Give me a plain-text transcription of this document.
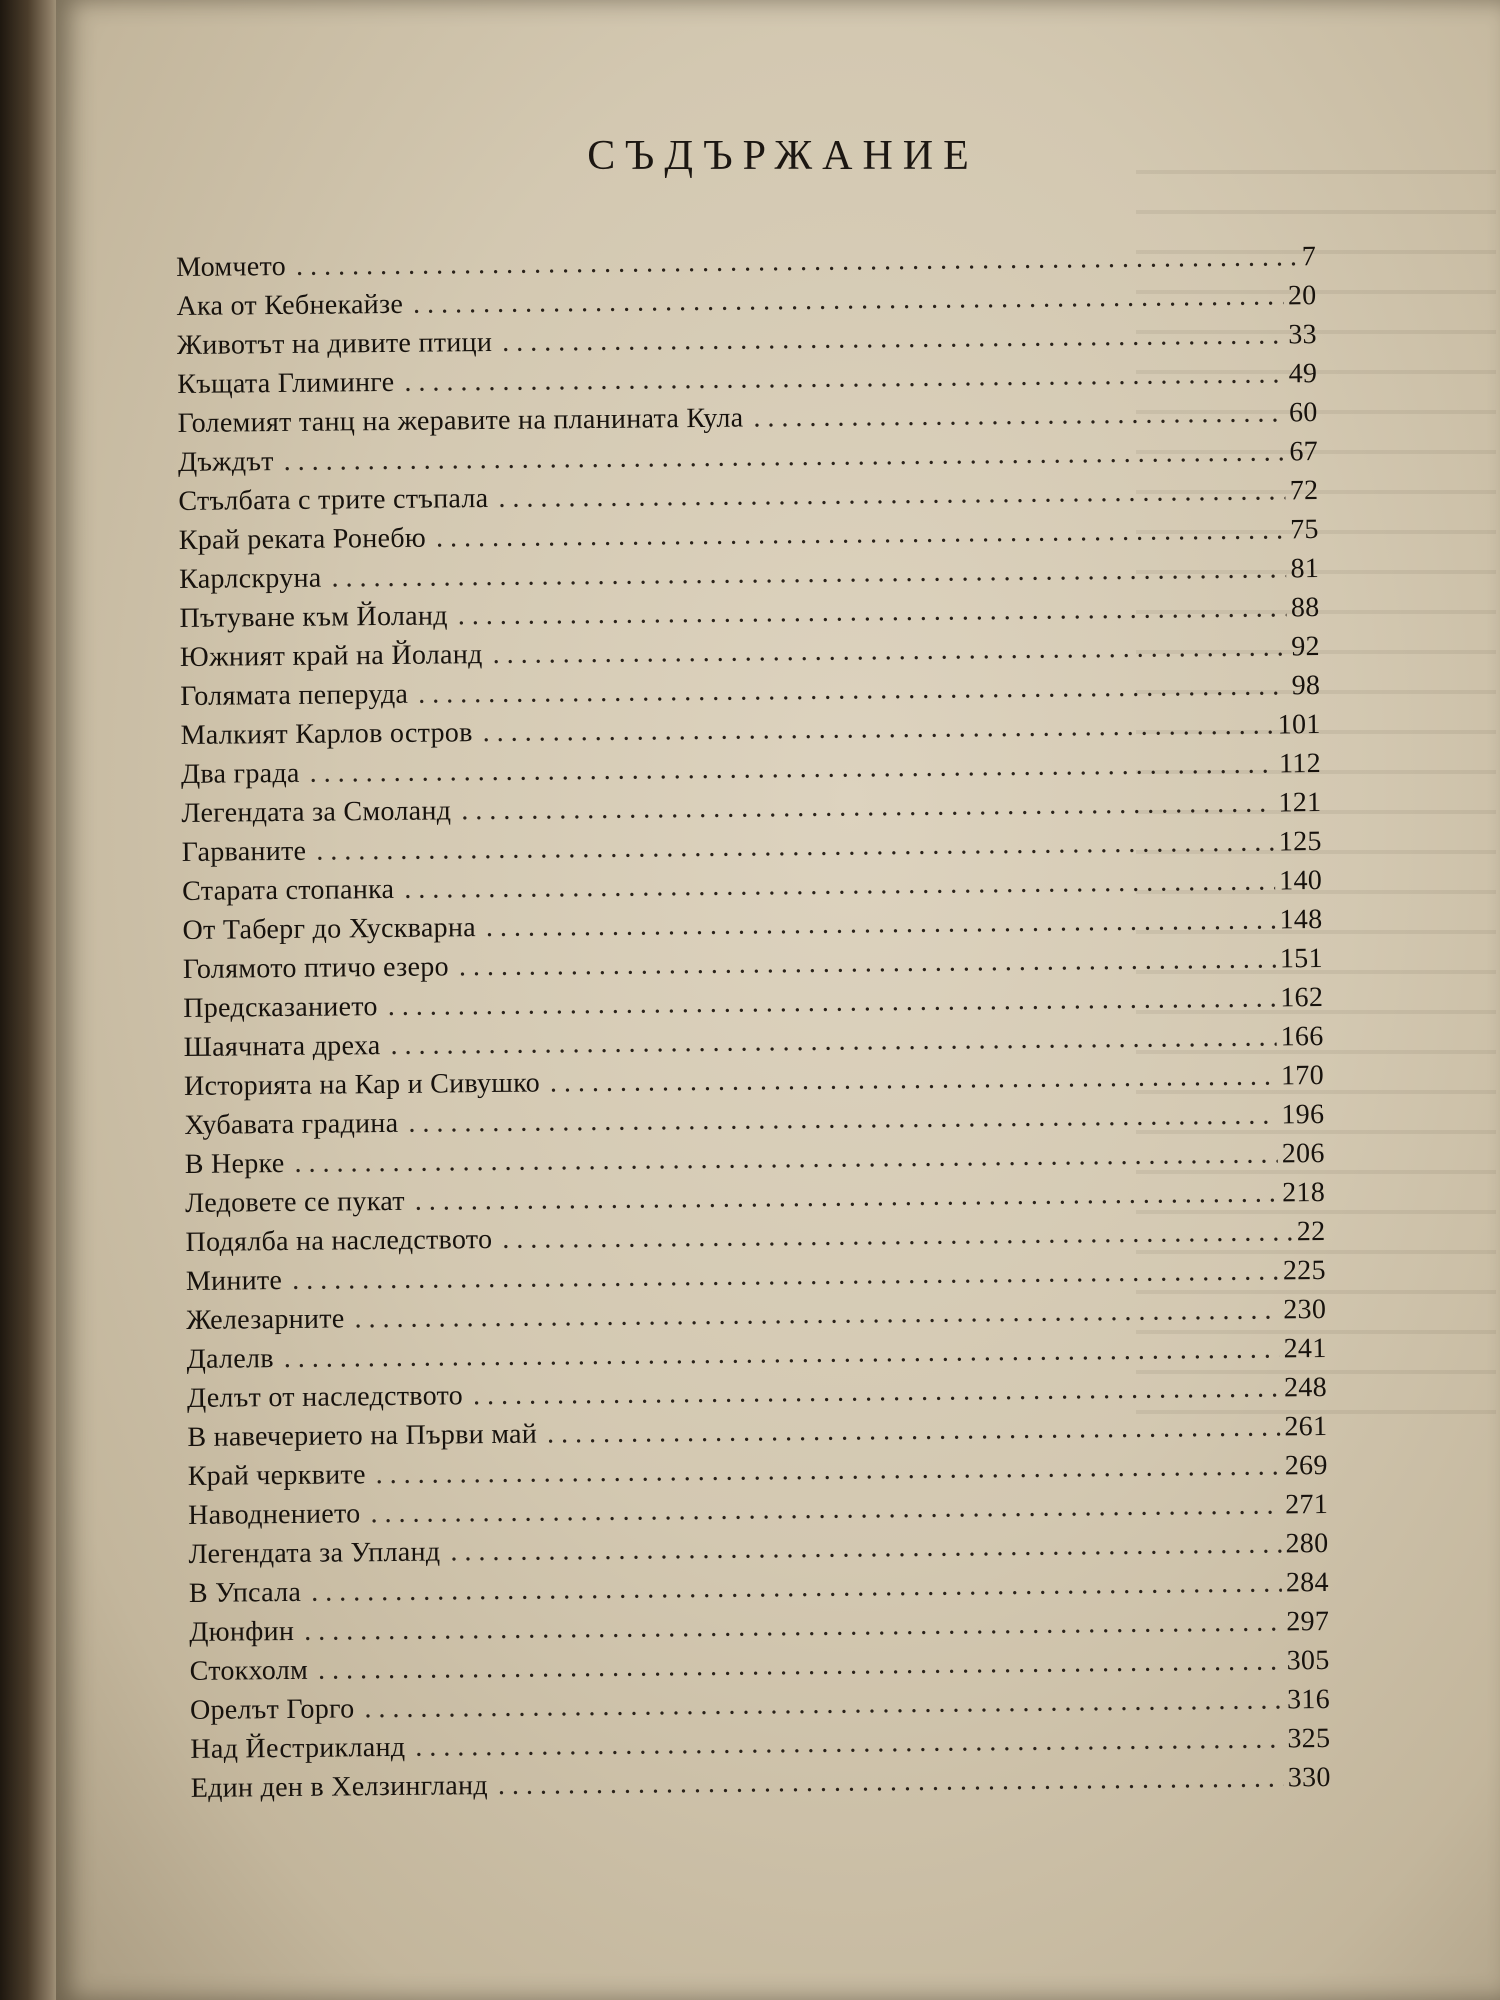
СЪДЪРЖАНИЕ
Момчето . . .	7
Ака от Кебнекайзе . . .	20
Животът на дивите птици . . .	33
Къщата Глиминге . . .	49
Големият танц на жеравите на планината Кула . . .	60
Дъждът . . .	67
Стълбата с трите стъпала . . .	72
Край реката Ронебю . . .	75
Карлскруна . . .	81
Пътуване към Йоланд . . .	88
Южният край на Йоланд . . .	92
Голямата пеперуда . . .	98
Малкият Карлов остров . . .	101
Два града . . .	112
Легендата за Смоланд . . .	121
Гарваните . . .	125
Старата стопанка . . .	140
От Таберг до Хускварна . . .	148
Голямото птичо езеро . . .	151
Предсказанието . . .	162
Шаячната дреха . . .	166
Историята на Кар и Сивушко . . .	170
Хубавата градина . . .	196
В Нерке . . .	206
Ледовете се пукат . . .	218
Подялба на наследството . . .	22
Мините . . .	225
Железарните . . .	230
Далелв . . .	241
Делът от наследството . . .	248
В навечерието на Първи май . . .	261
Край черквите . . .	269
Наводнението . . .	271
Легендата за Упланд . . .	280
В Упсала . . .	284
Дюнфин . . .	297
Стокхолм . . .	305
Орелът Горго . . .	316
Над Йестрикланд . . .	325
Един ден в Хелзингланд . . .	330
